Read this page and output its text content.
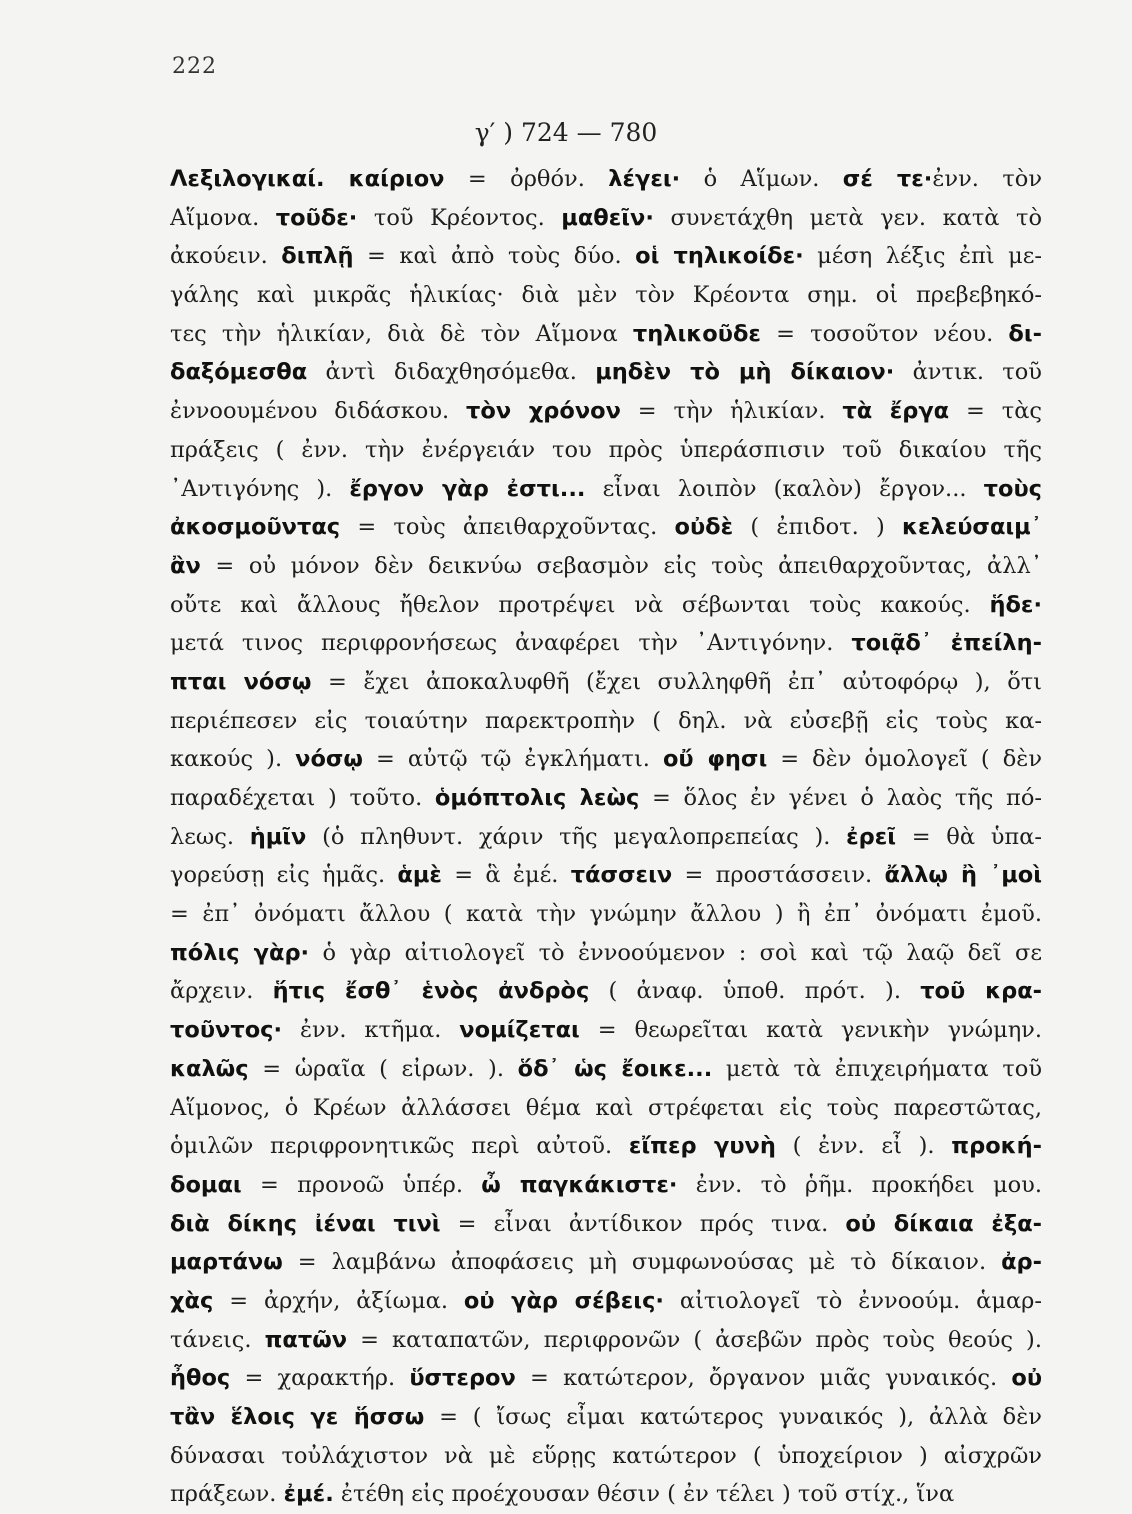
222
γ′ ) 724 — 780
Λεξιλογικαί. καίριον = ὀρθόν. λέγει· ὁ Αἵμων. σέ τε·ἐνν. τὸν
Αἵμονα. τοῦδε· τοῦ Κρέοντος. μαθεῖν· συνετάχθη μετὰ γεν. κατὰ τὸ
ἀκούειν. διπλῇ = καὶ ἀπὸ τοὺς δύο. οἱ τηλικοίδε· μέση λέξις ἐπὶ με-
γάλης καὶ μικρᾶς ἡλικίας· διὰ μὲν τὸν Κρέοντα σημ. οἱ πρεβεβηκό-
τες τὴν ἡλικίαν, διὰ δὲ τὸν Αἵμονα τηλικοῦδε = τοσοῦτον νέου. δι-
δαξόμεσθα ἀντὶ διδαχθησόμεθα. μηδὲν τὸ μὴ δίκαιον· ἀντικ. τοῦ
ἐννοουμένου διδάσκου. τὸν χρόνον = τὴν ἡλικίαν. τὰ ἔργα = τὰς
πράξεις ( ἐνν. τὴν ἐνέργειάν του πρὸς ὑπεράσπισιν τοῦ δικαίου τῆς
᾿Αντιγόνης ). ἔργον γὰρ ἐστι... εἶναι λοιπὸν (καλὸν) ἔργον... τοὺς
ἀκοσμοῦντας = τοὺς ἀπειθαρχοῦντας. οὐδὲ ( ἐπιδοτ. ) κελεύσαιμ᾿
ἂν = οὐ μόνον δὲν δεικνύω σεβασμὸν εἰς τοὺς ἀπειθαρχοῦντας, ἀλλ᾿
οὔτε καὶ ἄλλους ἤθελον προτρέψει νὰ σέβωνται τοὺς κακούς. ἥδε·
μετά τινος περιφρονήσεως ἀναφέρει τὴν ᾿Αντιγόνην. τοιᾷδ᾿ ἐπείλη-
πται νόσῳ = ἔχει ἀποκαλυφθῆ (ἔχει συλληφθῆ ἐπ᾿ αὐτοφόρῳ ), ὅτι
περιέπεσεν εἰς τοιαύτην παρεκτροπὴν ( δηλ. νὰ εὐσεβῇ εἰς τοὺς κα-
κακούς ). νόσῳ = αὐτῷ τῷ ἐγκλήματι. οὔ φησι = δὲν ὁμολογεῖ ( δὲν
παραδέχεται ) τοῦτο. ὁμόπτολις λεὼς = ὅλος ἐν γένει ὁ λαὸς τῆς πό-
λεως. ἡμῖν (ὁ πληθυντ. χάριν τῆς μεγαλοπρεπείας ). ἐρεῖ = θὰ ὑπα-
γορεύσῃ εἰς ἡμᾶς. ἁμὲ = ἃ ἐμέ. τάσσειν = προστάσσειν. ἄλλῳ ἢ ᾿μοὶ
= ἐπ᾿ ὀνόματι ἄλλου ( κατὰ τὴν γνώμην ἄλλου ) ἢ ἐπ᾿ ὀνόματι ἐμοῦ.
πόλις γὰρ· ὁ γὰρ αἰτιολογεῖ τὸ ἐννοούμενον : σοὶ καὶ τῷ λαῷ δεῖ σε
ἄρχειν. ἥτις ἔσθ᾿ ἑνὸς ἀνδρὸς ( ἀναφ. ὑποθ. πρότ. ). τοῦ κρα-
τοῦντος· ἐνν. κτῆμα. νομίζεται = θεωρεῖται κατὰ γενικὴν γνώμην.
καλῶς = ὡραῖα ( εἰρων. ). ὅδ᾿ ὡς ἔοικε... μετὰ τὰ ἐπιχειρήματα τοῦ
Αἵμονος, ὁ Κρέων ἀλλάσσει θέμα καὶ στρέφεται εἰς τοὺς παρεστῶτας,
ὁμιλῶν περιφρονητικῶς περὶ αὐτοῦ. εἴπερ γυνὴ ( ἐνν. εἶ ). προκή-
δομαι = προνοῶ ὑπέρ. ὦ παγκάκιστε· ἐνν. τὸ ῥῆμ. προκήδει μου.
διὰ δίκης ἰέναι τινὶ = εἶναι ἀντίδικον πρός τινα. οὐ δίκαια ἐξα-
μαρτάνω = λαμβάνω ἀποφάσεις μὴ συμφωνούσας μὲ τὸ δίκαιον. ἀρ-
χὰς = ἀρχήν, ἀξίωμα. οὐ γὰρ σέβεις· αἰτιολογεῖ τὸ ἐννοούμ. ἁμαρ-
τάνεις. πατῶν = καταπατῶν, περιφρονῶν ( ἀσεβῶν πρὸς τοὺς θεούς ).
ἦθος = χαρακτήρ. ὕστερον = κατώτερον, ὄργανον μιᾶς γυναικός. οὐ
τἂν ἕλοις γε ἥσσω = ( ἴσως εἶμαι κατώτερος γυναικός ), ἀλλὰ δὲν
δύνασαι τοὐλάχιστον νὰ μὲ εὕρῃς κατώτερον ( ὑποχείριον ) αἰσχρῶν
πράξεων. ἐμέ. ἐτέθη εἰς προέχουσαν θέσιν ( ἐν τέλει ) τοῦ στίχ., ἵνα
